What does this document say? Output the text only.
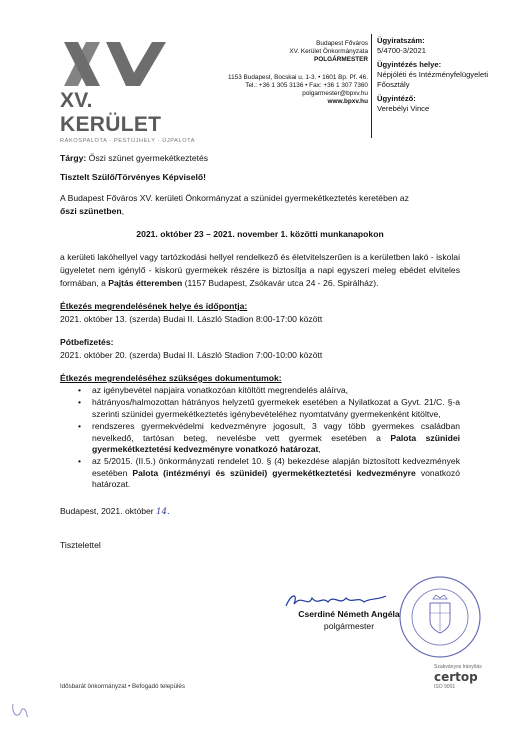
XV. KERÜLET
RÁKOSPALOTA · PESTÚJHELY · ÚJPALOTA
Budapest Főváros
XV. Kerület Önkormányzata
POLGÁRMESTER
1153 Budapest, Bocskai u. 1-3. • 1601 Bp. Pf. 46.
Tel.: +36 1 305 3136 • Fax: +36 1 307 7360
polgarmester@bpxv.hu
www.bpxv.hu
Ügyiratszám:
5/4700-3/2021
Ügyintézés helye:
Népjóléti és Intézményfelügyeleti Főosztály
Ügyintéző:
Verebélyi Vince

Tárgy: Őszi szünet gyermekétkeztetés

Tisztelt Szülő/Törvényes Képviselő!

A Budapest Főváros XV. kerületi Önkormányzat a szünidei gyermekétkeztetés keretében az
őszi szünetben,

2021. október 23 – 2021. november 1. közötti munkanapokon

a kerületi lakóhellyel vagy tartózkodási hellyel rendelkező és életvitelszerűen is a kerületben lakó - iskolai ügyeletet nem igénylő - kiskorú gyermekek részére is biztosítja a napi egyszeri meleg ebédet elviteles formában, a Pajtás étteremben (1157 Budapest, Zsókavár utca 24 - 26. Spirálház).

Étkezés megrendelésének helye és időpontja:

2021. október 13. (szerda) Budai II. László Stadion 8:00-17:00 között

Pótbefizetés:

2021. október 20. (szerda) Budai II. László Stadion 7:00-10:00 között

Étkezés megrendeléséhez szükséges dokumentumok:

• az igénybevétel napjaira vonatkozóan kitöltött megrendelés aláírva,
• hátrányos/halmozottan hátrányos helyzetű gyermekek esetében a Nyilatkozat a Gyvt. 21/C. §-a szerinti szünidei gyermekétkeztetés igénybevételéhez nyomtatvány gyermekenként kitöltve,
• rendszeres gyermekvédelmi kedvezményre jogosult, 3 vagy több gyermekes családban nevelkedő, tartósan beteg, nevelésbe vett gyermek esetében a Palota szünidei gyermekétkeztetési kedvezményre vonatkozó határozat,
• az 5/2015. (II.5.) önkormányzati rendelet 10. § (4) bekezdése alapján biztosított kedvezmények esetében Palota (intézményi és szünidei) gyermekétkeztetési kedvezményre vonatkozó határozat.

Budapest, 2021. október 14.

Tisztelettel

Cserdiné Németh Angéla
polgármester
Idősbarát önkormányzat • Befogadó település
Szabványos Irányítás
certop
ISO 9001
